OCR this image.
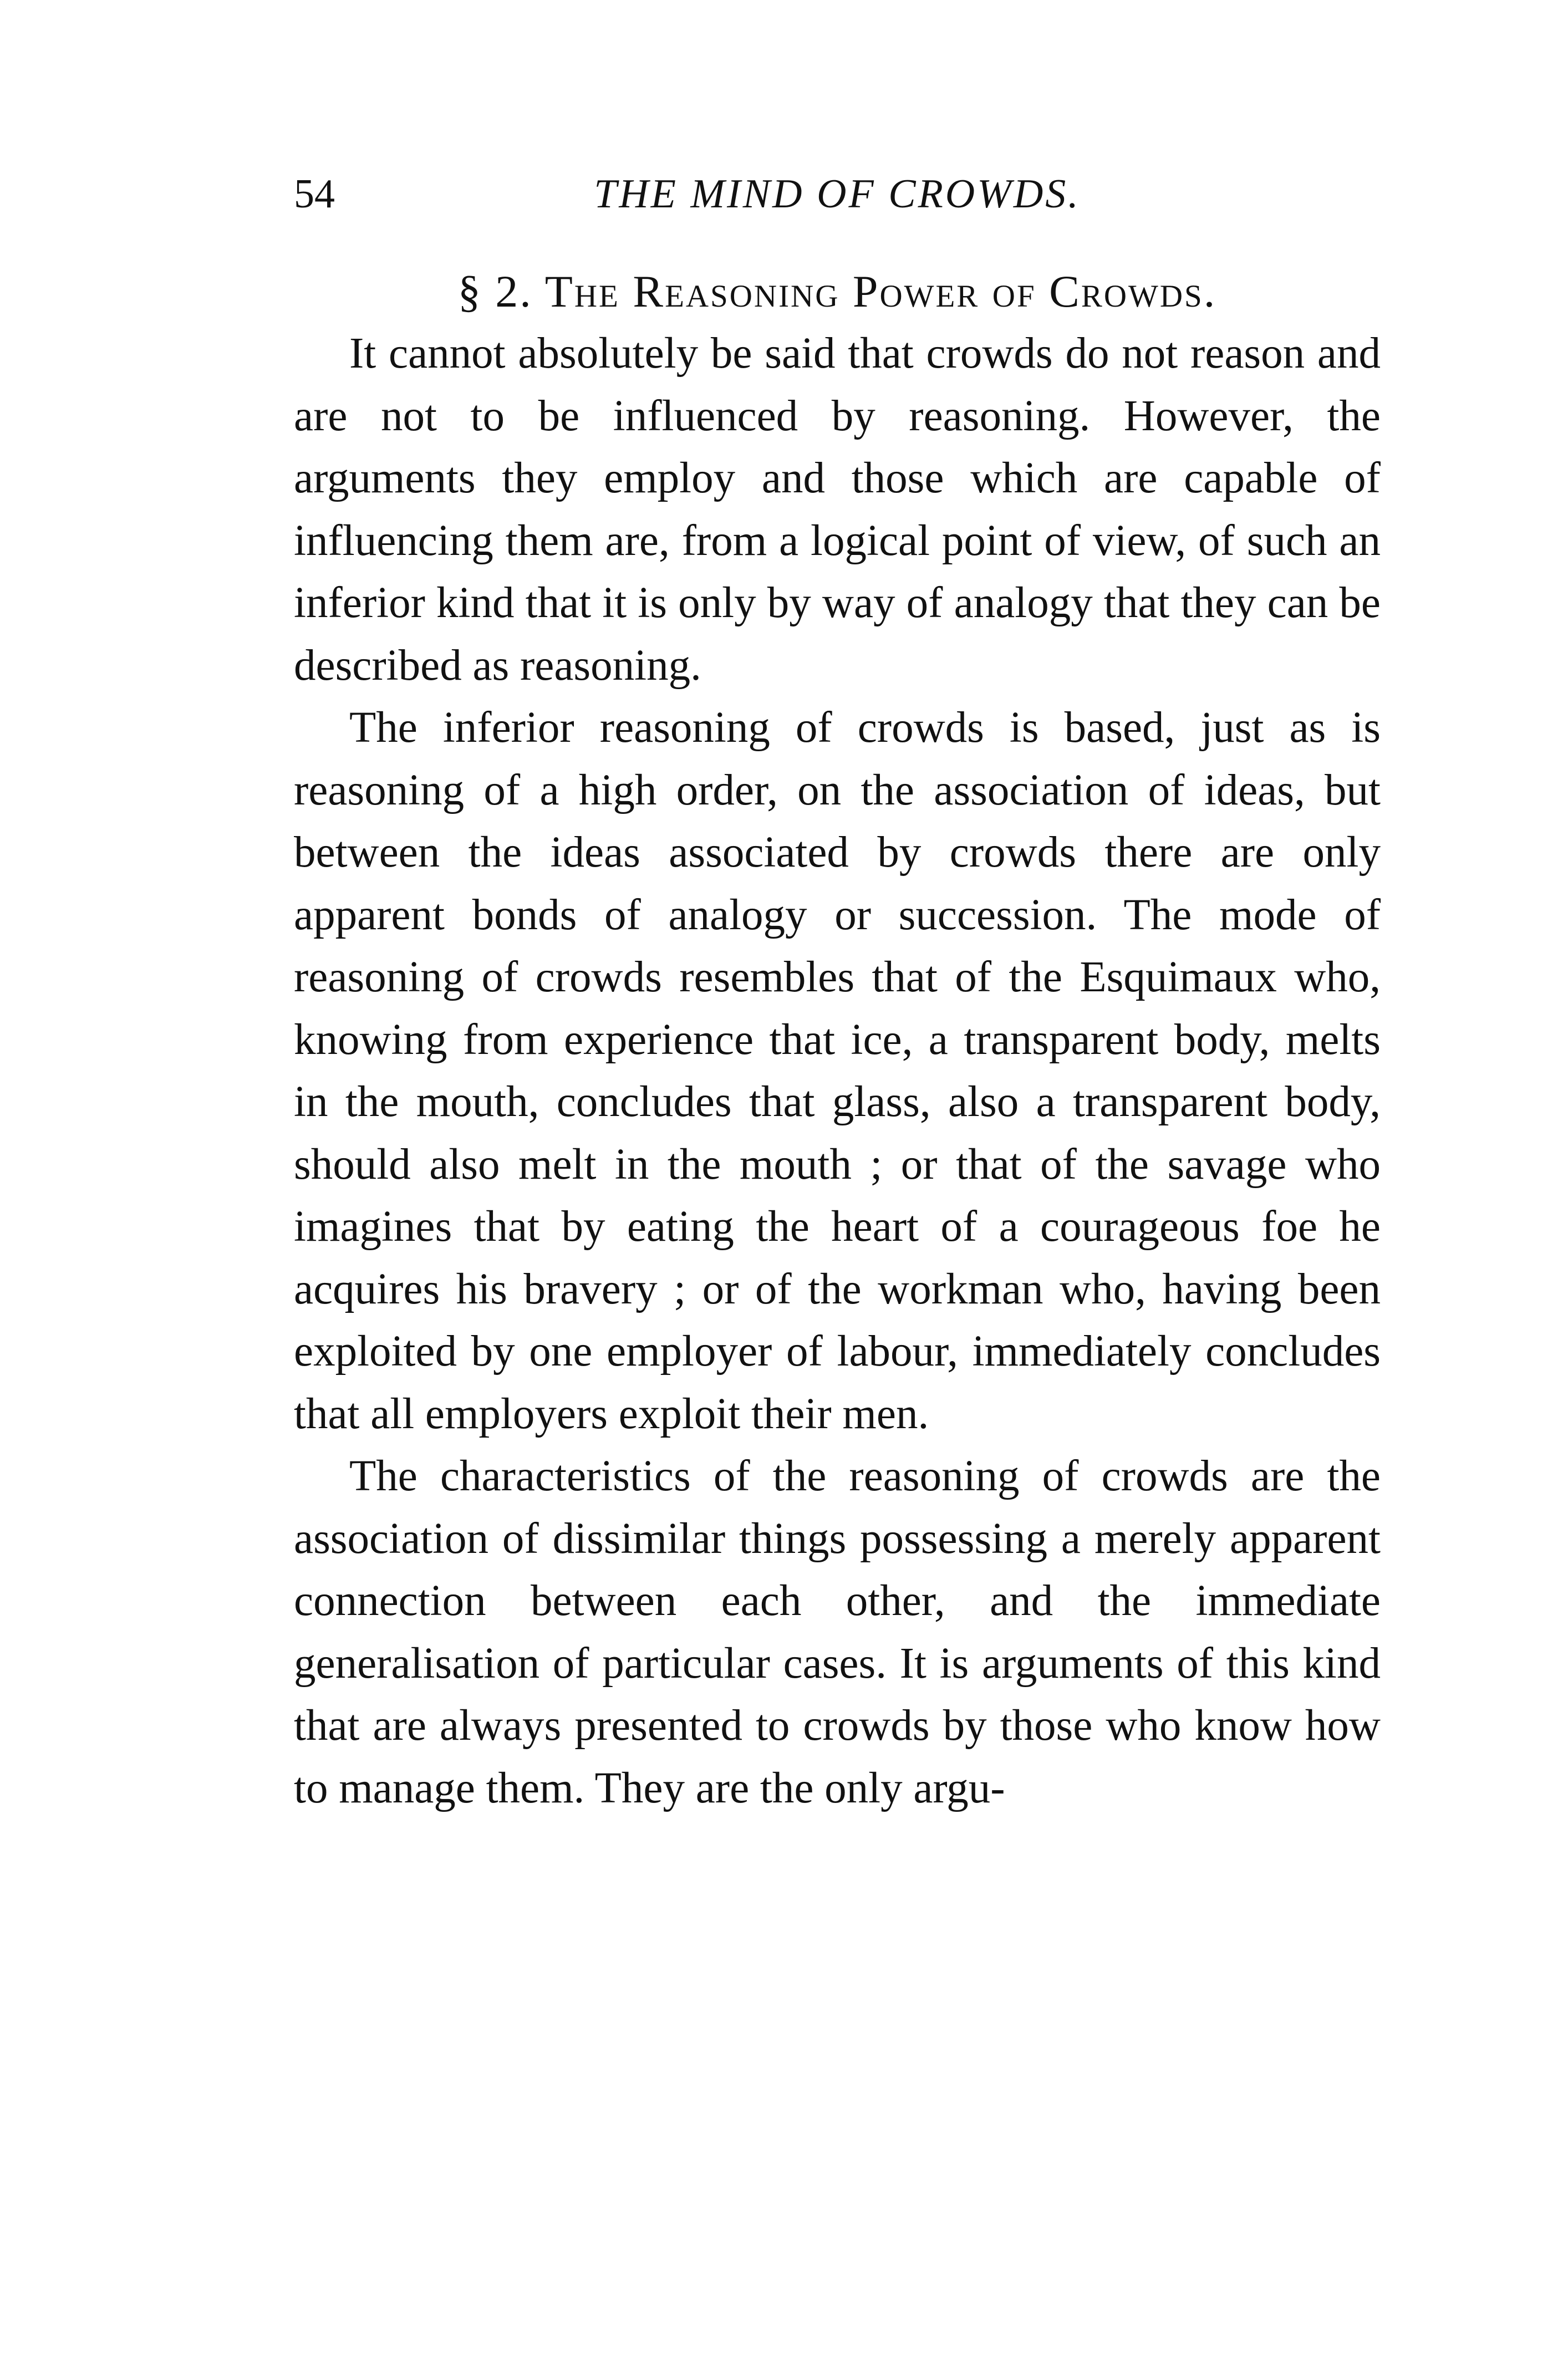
54	THE MIND OF CROWDS.
§ 2. The Reasoning Power of Crowds.

It cannot absolutely be said that crowds do not reason and are not to be influenced by reasoning. However, the arguments they employ and those which are capable of influencing them are, from a logical point of view, of such an inferior kind that it is only by way of analogy that they can be described as reasoning.

The inferior reasoning of crowds is based, just as is reasoning of a high order, on the association of ideas, but between the ideas associated by crowds there are only apparent bonds of analogy or succession. The mode of reasoning of crowds resembles that of the Esquimaux who, knowing from experience that ice, a transparent body, melts in the mouth, concludes that glass, also a transparent body, should also melt in the mouth ; or that of the savage who imagines that by eating the heart of a courageous foe he acquires his bravery ; or of the workman who, having been exploited by one employer of labour, immediately concludes that all employers exploit their men.

The characteristics of the reasoning of crowds are the association of dissimilar things possessing a merely apparent connection between each other, and the immediate generalisation of particular cases. It is arguments of this kind that are always presented to crowds by those who know how to manage them. They are the only argu-
